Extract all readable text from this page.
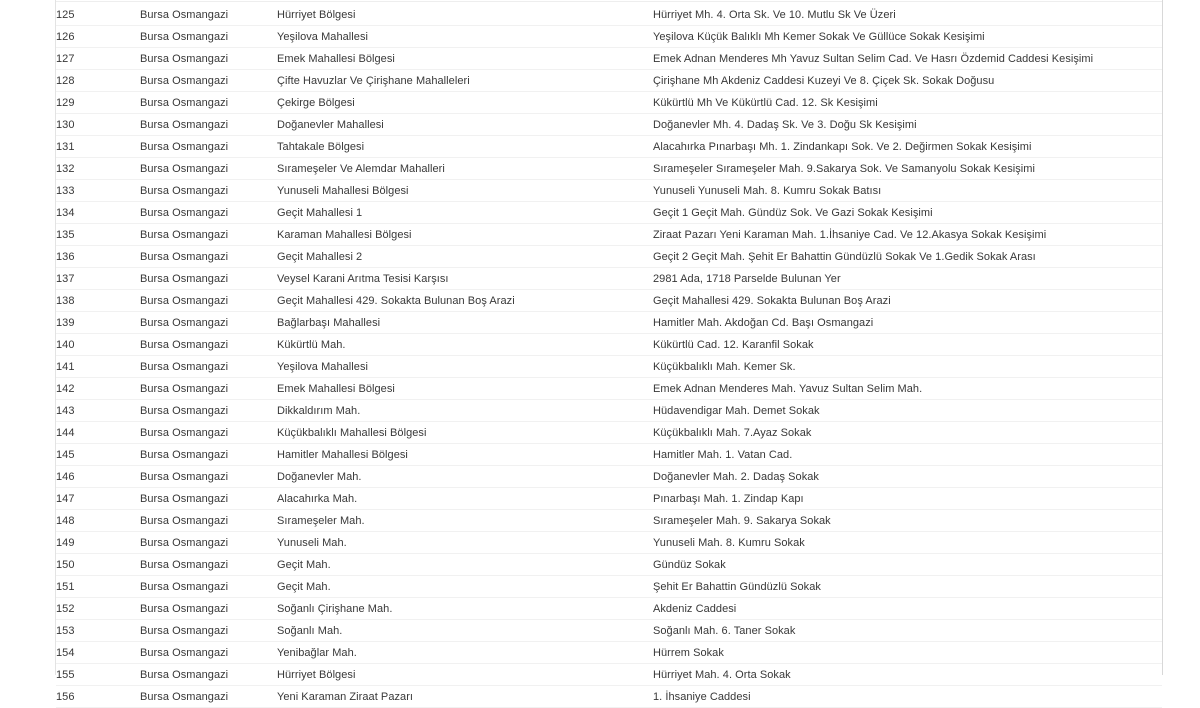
125	Bursa Osmangazi	Hürriyet Bölgesi	Hürriyet Mh. 4. Orta Sk. Ve 10. Mutlu Sk Ve Üzeri
126	Bursa Osmangazi	Yeşilova Mahallesi	Yeşilova Küçük Balıklı Mh Kemer Sokak Ve Güllüce Sokak Kesişimi
127	Bursa Osmangazi	Emek Mahallesi Bölgesi	Emek Adnan Menderes Mh Yavuz Sultan Selim Cad. Ve Hasrı Özdemid Caddesi Kesişimi
128	Bursa Osmangazi	Çifte Havuzlar Ve Çirişhane Mahalleleri	Çirişhane Mh Akdeniz Caddesi Kuzeyi Ve 8. Çiçek Sk. Sokak Doğusu
129	Bursa Osmangazi	Çekirge Bölgesi	Kükürtlü Mh Ve Kükürtlü Cad. 12. Sk Kesişimi
130	Bursa Osmangazi	Doğanevler Mahallesi	Doğanevler Mh. 4. Dadaş Sk. Ve 3. Doğu Sk Kesişimi
131	Bursa Osmangazi	Tahtakale Bölgesi	Alacahırka Pınarbaşı Mh. 1. Zindankapı Sok. Ve 2. Değirmen Sokak Kesişimi
132	Bursa Osmangazi	Sırameşeler Ve Alemdar Mahalleri	Sırameşeler Sırameşeler Mah. 9.Sakarya Sok. Ve Samanyolu Sokak Kesişimi
133	Bursa Osmangazi	Yunuseli Mahallesi Bölgesi	Yunuseli Yunuseli Mah. 8. Kumru Sokak Batısı
134	Bursa Osmangazi	Geçit Mahallesi 1	Geçit 1 Geçit Mah. Gündüz Sok. Ve Gazi Sokak Kesişimi
135	Bursa Osmangazi	Karaman Mahallesi Bölgesi	Ziraat Pazarı Yeni Karaman Mah. 1.İhsaniye Cad. Ve 12.Akasya Sokak Kesişimi
136	Bursa Osmangazi	Geçit Mahallesi 2	Geçit 2 Geçit Mah. Şehit Er Bahattin Gündüzlü Sokak Ve 1.Gedik Sokak Arası
137	Bursa Osmangazi	Veysel Karani Arıtma Tesisi Karşısı	2981 Ada, 1718 Parselde Bulunan Yer
138	Bursa Osmangazi	Geçit Mahallesi 429. Sokakta Bulunan Boş Arazi	Geçit Mahallesi 429. Sokakta Bulunan Boş Arazi
139	Bursa Osmangazi	Bağlarbaşı Mahallesi	Hamitler Mah. Akdoğan Cd. Başı Osmangazi
140	Bursa Osmangazi	Kükürtlü Mah.	Kükürtlü Cad. 12. Karanfil Sokak
141	Bursa Osmangazi	Yeşilova Mahallesi	Küçükbalıklı Mah. Kemer Sk.
142	Bursa Osmangazi	Emek Mahallesi Bölgesi	Emek Adnan Menderes Mah. Yavuz Sultan Selim Mah.
143	Bursa Osmangazi	Dikkaldırım Mah.	Hüdavendigar Mah. Demet Sokak
144	Bursa Osmangazi	Küçükbalıklı Mahallesi Bölgesi	Küçükbalıklı Mah. 7.Ayaz Sokak
145	Bursa Osmangazi	Hamitler Mahallesi Bölgesi	Hamitler Mah. 1. Vatan Cad.
146	Bursa Osmangazi	Doğanevler Mah.	Doğanevler Mah. 2. Dadaş Sokak
147	Bursa Osmangazi	Alacahırka Mah.	Pınarbaşı Mah. 1. Zindap Kapı
148	Bursa Osmangazi	Sırameşeler Mah.	Sırameşeler Mah. 9. Sakarya Sokak
149	Bursa Osmangazi	Yunuseli Mah.	Yunuseli Mah. 8. Kumru Sokak
150	Bursa Osmangazi	Geçit Mah.	Gündüz Sokak
151	Bursa Osmangazi	Geçit Mah.	Şehit Er Bahattin Gündüzlü Sokak
152	Bursa Osmangazi	Soğanlı Çirişhane Mah.	Akdeniz Caddesi
153	Bursa Osmangazi	Soğanlı Mah.	Soğanlı Mah. 6. Taner Sokak
154	Bursa Osmangazi	Yenibağlar Mah.	Hürrem Sokak
155	Bursa Osmangazi	Hürriyet Bölgesi	Hürriyet Mah. 4. Orta Sokak
156	Bursa Osmangazi	Yeni Karaman Ziraat Pazarı	1. İhsaniye Caddesi
